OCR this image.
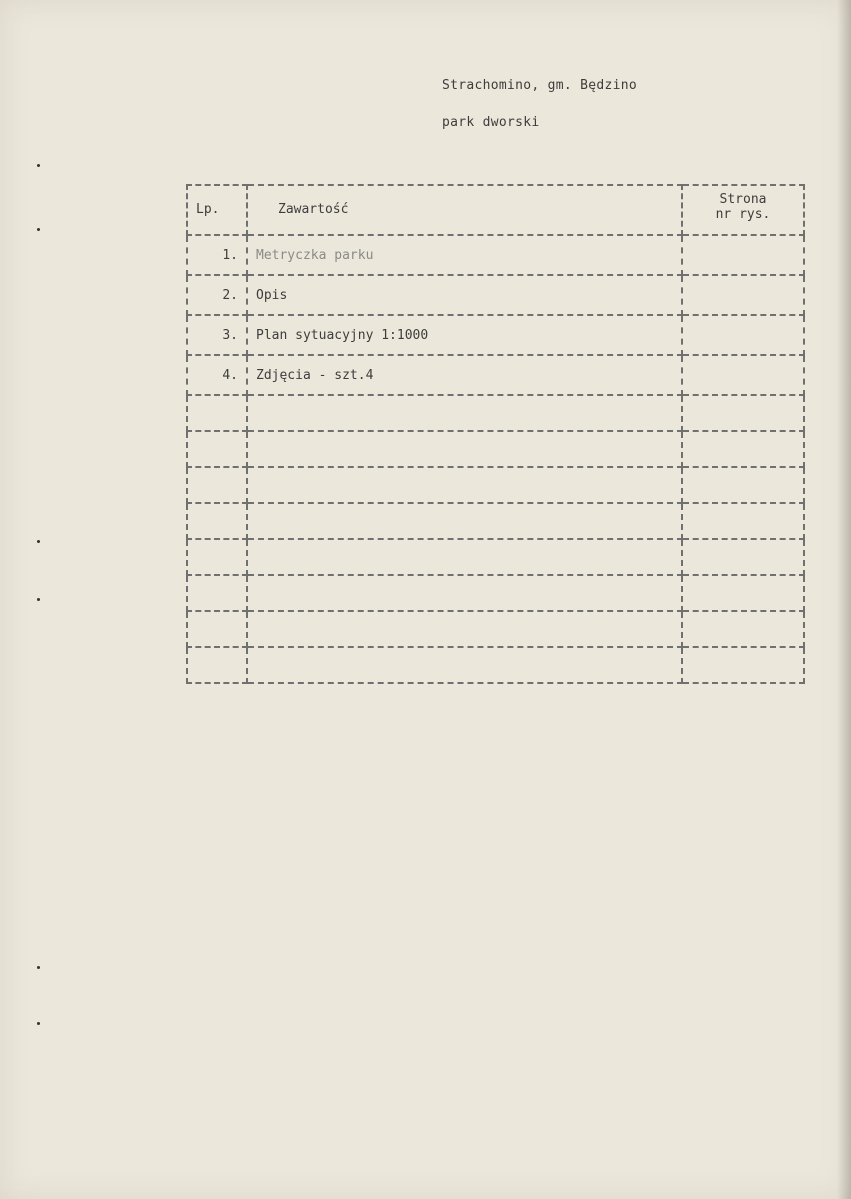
Strachomino, gm. Będzino
park dworski
Lp.	Zawartość	Strona
nr rys.

1.	Metryczka parku	
2.	Opis	
3.	Plan sytuacyjny 1:1000	
4.	Zdjęcia - szt.4	
